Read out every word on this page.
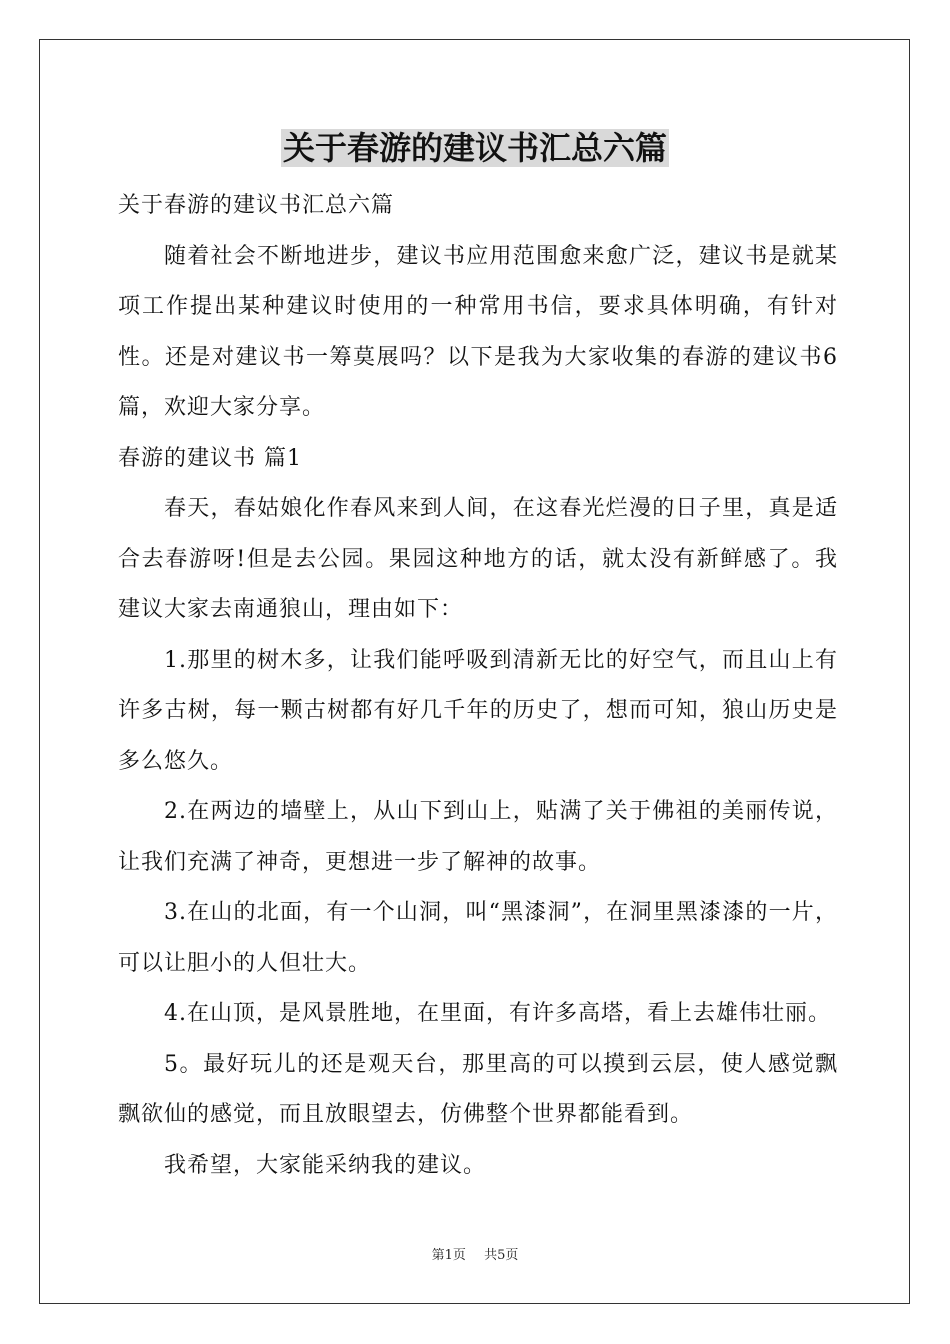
关于春游的建议书汇总六篇

关于春游的建议书汇总六篇

随着社会不断地进步，建议书应用范围愈来愈广泛，建议书是就某项工作提出某种建议时使用的一种常用书信，要求具体明确，有针对性。还是对建议书一筹莫展吗？以下是我为大家收集的春游的建议书6篇，欢迎大家分享。

春游的建议书 篇1

春天，春姑娘化作春风来到人间，在这春光烂漫的日子里，真是适合去春游呀!但是去公园。果园这种地方的话，就太没有新鲜感了。我建议大家去南通狼山，理由如下：

1.那里的树木多，让我们能呼吸到清新无比的好空气，而且山上有许多古树，每一颗古树都有好几千年的历史了，想而可知，狼山历史是多么悠久。

2.在两边的墙壁上，从山下到山上，贴满了关于佛祖的美丽传说，让我们充满了神奇，更想进一步了解神的故事。

3.在山的北面，有一个山洞，叫“黑漆洞”，在洞里黑漆漆的一片，可以让胆小的人但壮大。

4.在山顶，是风景胜地，在里面，有许多高塔，看上去雄伟壮丽。

5。最好玩儿的还是观天台，那里高的可以摸到云层，使人感觉飘飘欲仙的感觉，而且放眼望去，仿佛整个世界都能看到。

我希望，大家能采纳我的建议。

第1页 共5页
